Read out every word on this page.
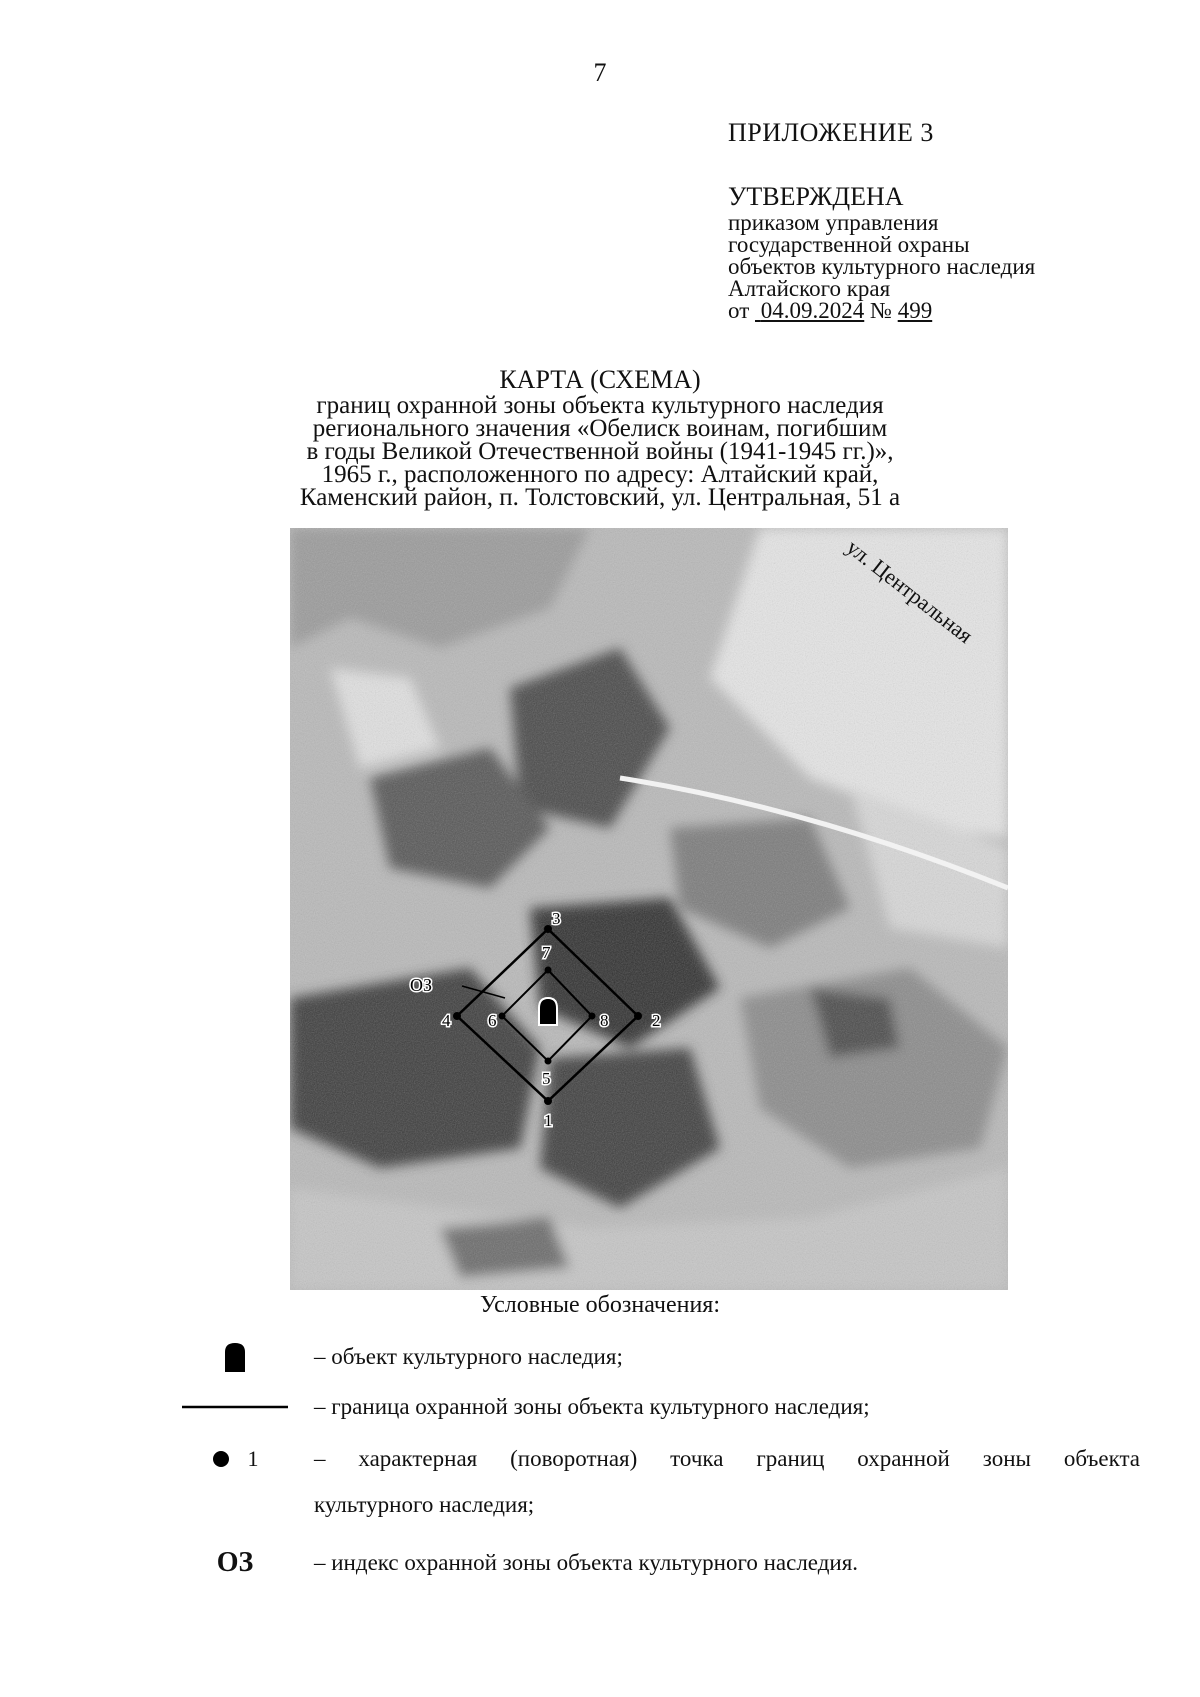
7
ПРИЛОЖЕНИЕ 3
УТВЕРЖДЕНА
приказом управления
государственной охраны
объектов культурного наследия
Алтайского края
от 04.09.2024 № 499
КАРТА (СХЕМА)
границ охранной зоны объекта культурного наследия
регионального значения «Обелиск воинам, погибшим
в годы Великой Отечественной войны (1941-1945 гг.)»,
1965 г., расположенного по адресу: Алтайский край,
Каменский район, п. Толстовский, ул. Центральная, 51 а
ул. Центральная
ОЗ
3
2
1
4
7
8
5
6
Условные обозначения:
– объект культурного наследия;
– граница охранной зоны объекта культурного наследия;
1 – характерная (поворотная) точка границ охранной зоны объекта
культурного наследия;
ОЗ	– индекс охранной зоны объекта культурного наследия.
